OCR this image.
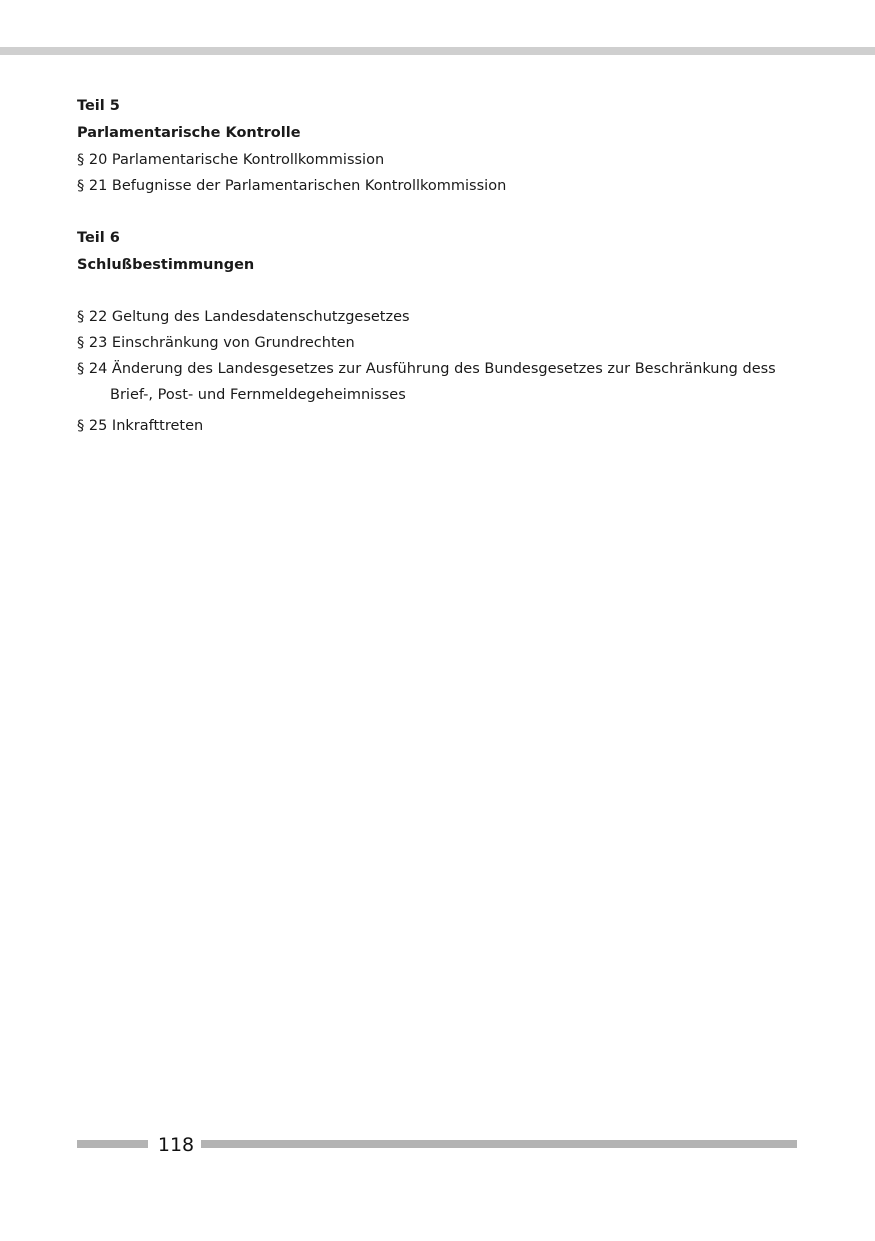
Teil 5
Parlamentarische Kontrolle
§ 20 Parlamentarische Kontrollkommission
§ 21 Befugnisse der Parlamentarischen Kontrollkommission
Teil 6
Schlußbestimmungen
§ 22 Geltung des Landesdatenschutzgesetzes
§ 23 Einschränkung von Grundrechten
§ 24 Änderung des Landesgesetzes zur Ausführung des Bundesgesetzes zur Beschränkung dess Brief-, Post- und Fernmeldegeheimnisses
§ 25 Inkrafttreten
118
